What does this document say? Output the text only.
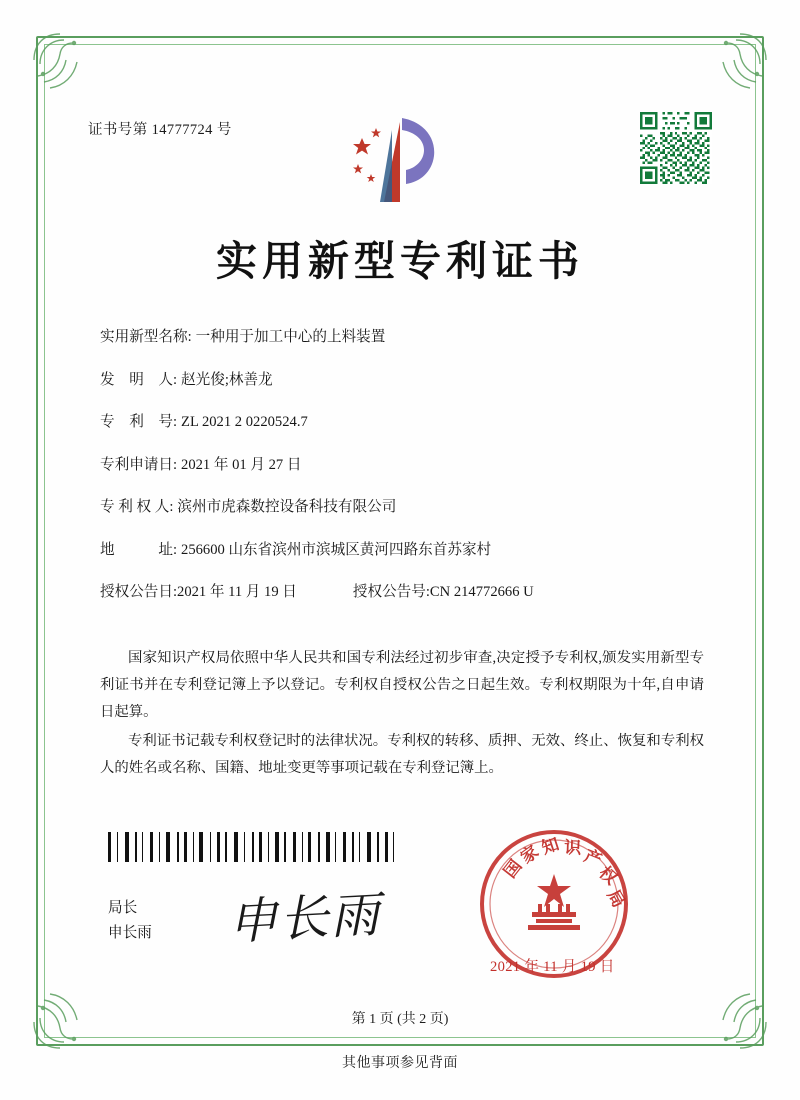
证书号第 14777724 号
实用新型专利证书
实用新型名称: 一种用于加工中心的上料装置
发　明　人: 赵光俊;林善龙
专　利　号: ZL 2021 2 0220524.7
专利申请日: 2021 年 01 月 27 日
专 利 权 人: 滨州市虎森数控设备科技有限公司
地　　　址: 256600 山东省滨州市滨城区黄河四路东首苏家村
授权公告日: 2021 年 11 月 19 日	授权公告号: CN 214772666 U

国家知识产权局依照中华人民共和国专利法经过初步审查,决定授予专利权,颁发实用新型专利证书并在专利登记簿上予以登记。专利权自授权公告之日起生效。专利权期限为十年,自申请日起算。

专利证书记载专利权登记时的法律状况。专利权的转移、质押、无效、终止、恢复和专利权人的姓名或名称、国籍、地址变更等事项记载在专利登记簿上。

局长
申长雨 申长雨
国
家
知 识 产
权
局
2021 年 11 月 19 日
第 1 页 (共 2 页)
其他事项参见背面
